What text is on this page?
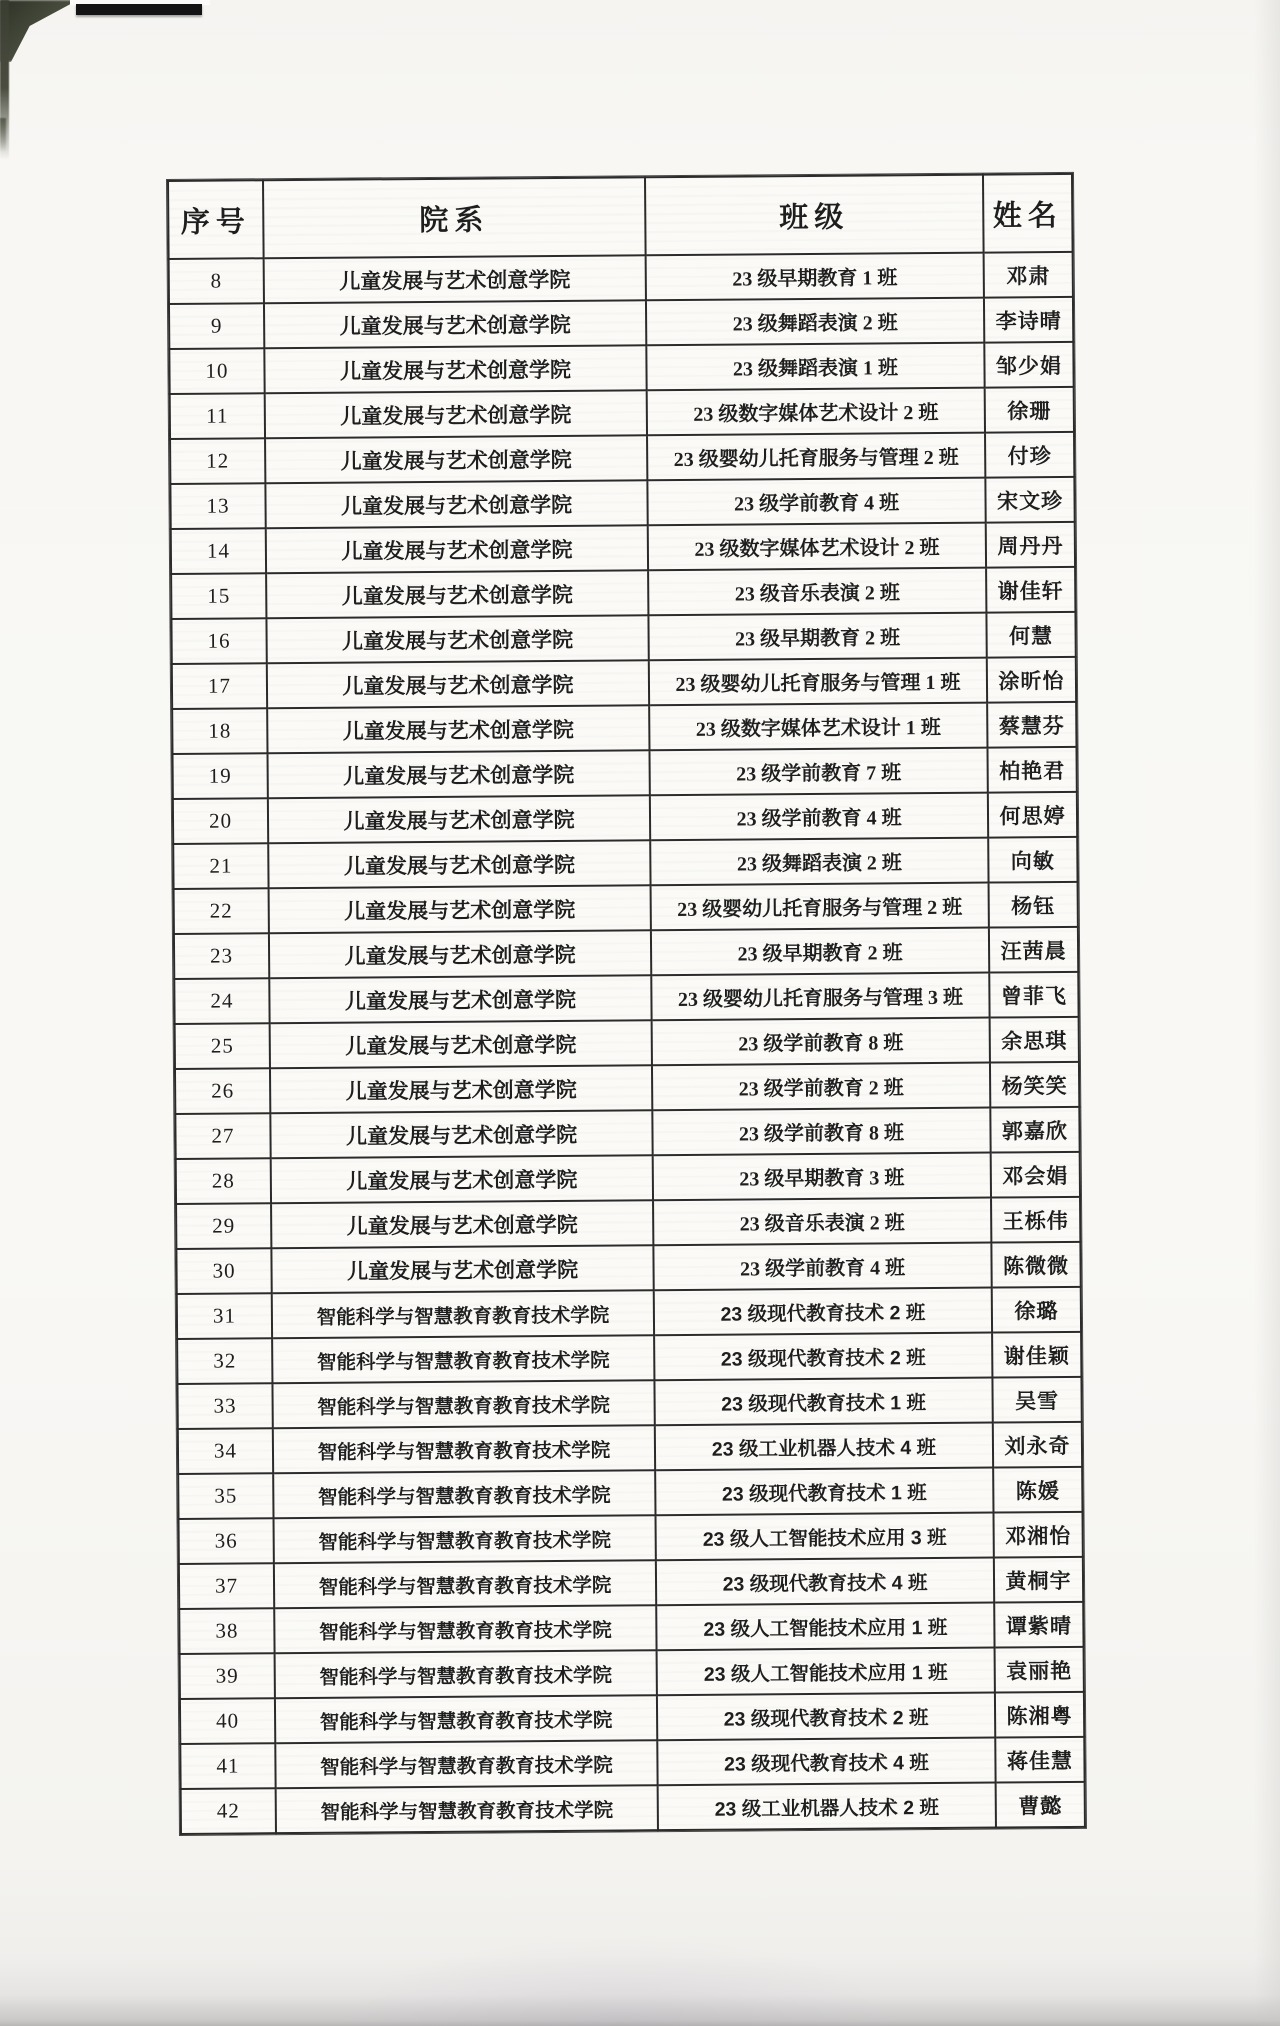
序号	院系	班级	姓名
8	儿童发展与艺术创意学院	23 级早期教育 1 班	邓肃
9	儿童发展与艺术创意学院	23 级舞蹈表演 2 班	李诗晴
10	儿童发展与艺术创意学院	23 级舞蹈表演 1 班	邹少娟
11	儿童发展与艺术创意学院	23 级数字媒体艺术设计 2 班	徐珊
12	儿童发展与艺术创意学院	23 级婴幼儿托育服务与管理 2 班	付珍
13	儿童发展与艺术创意学院	23 级学前教育 4 班	宋文珍
14	儿童发展与艺术创意学院	23 级数字媒体艺术设计 2 班	周丹丹
15	儿童发展与艺术创意学院	23 级音乐表演 2 班	谢佳轩
16	儿童发展与艺术创意学院	23 级早期教育 2 班	何慧
17	儿童发展与艺术创意学院	23 级婴幼儿托育服务与管理 1 班	涂昕怡
18	儿童发展与艺术创意学院	23 级数字媒体艺术设计 1 班	蔡慧芬
19	儿童发展与艺术创意学院	23 级学前教育 7 班	柏艳君
20	儿童发展与艺术创意学院	23 级学前教育 4 班	何思婷
21	儿童发展与艺术创意学院	23 级舞蹈表演 2 班	向敏
22	儿童发展与艺术创意学院	23 级婴幼儿托育服务与管理 2 班	杨钰
23	儿童发展与艺术创意学院	23 级早期教育 2 班	汪茜晨
24	儿童发展与艺术创意学院	23 级婴幼儿托育服务与管理 3 班	曾菲飞
25	儿童发展与艺术创意学院	23 级学前教育 8 班	余思琪
26	儿童发展与艺术创意学院	23 级学前教育 2 班	杨笑笑
27	儿童发展与艺术创意学院	23 级学前教育 8 班	郭嘉欣
28	儿童发展与艺术创意学院	23 级早期教育 3 班	邓会娟
29	儿童发展与艺术创意学院	23 级音乐表演 2 班	王栎伟
30	儿童发展与艺术创意学院	23 级学前教育 4 班	陈微微
31	智能科学与智慧教育教育技术学院	23 级现代教育技术 2 班	徐璐
32	智能科学与智慧教育教育技术学院	23 级现代教育技术 2 班	谢佳颖
33	智能科学与智慧教育教育技术学院	23 级现代教育技术 1 班	吴雪
34	智能科学与智慧教育教育技术学院	23 级工业机器人技术 4 班	刘永奇
35	智能科学与智慧教育教育技术学院	23 级现代教育技术 1 班	陈媛
36	智能科学与智慧教育教育技术学院	23 级人工智能技术应用 3 班	邓湘怡
37	智能科学与智慧教育教育技术学院	23 级现代教育技术 4 班	黄桐宇
38	智能科学与智慧教育教育技术学院	23 级人工智能技术应用 1 班	谭紫晴
39	智能科学与智慧教育教育技术学院	23 级人工智能技术应用 1 班	袁丽艳
40	智能科学与智慧教育教育技术学院	23 级现代教育技术 2 班	陈湘粤
41	智能科学与智慧教育教育技术学院	23 级现代教育技术 4 班	蒋佳慧
42	智能科学与智慧教育教育技术学院	23 级工业机器人技术 2 班	曹懿
